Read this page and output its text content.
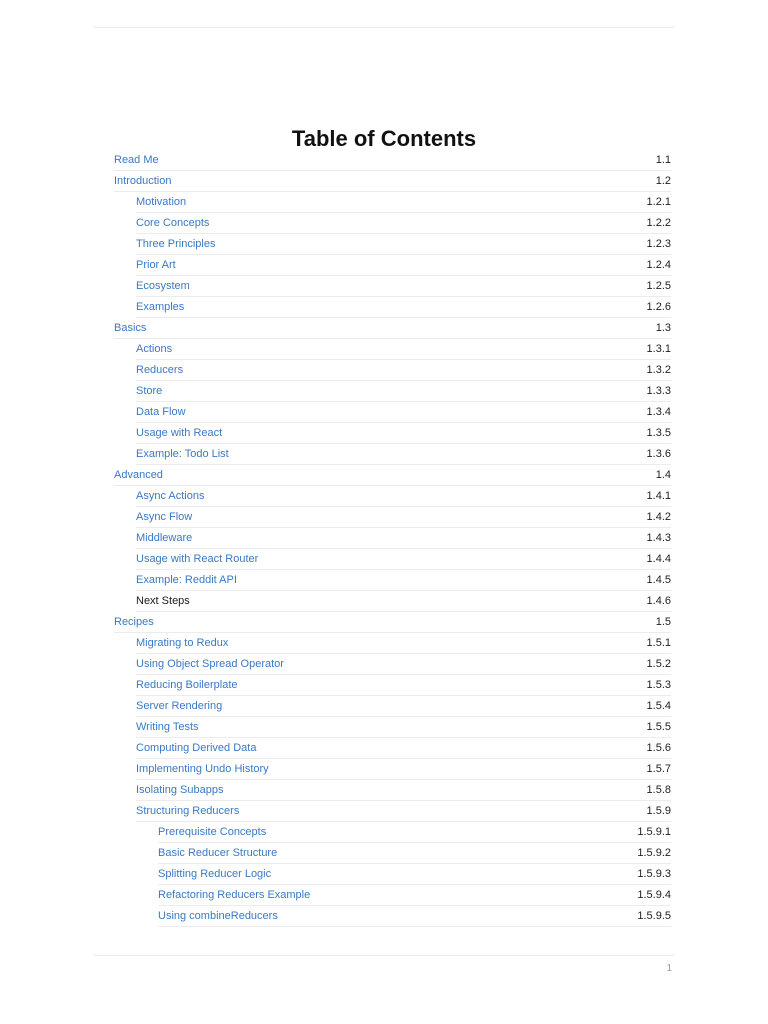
Table of Contents
Read Me	1.1
Introduction	1.2
Motivation	1.2.1
Core Concepts	1.2.2
Three Principles	1.2.3
Prior Art	1.2.4
Ecosystem	1.2.5
Examples	1.2.6
Basics	1.3
Actions	1.3.1
Reducers	1.3.2
Store	1.3.3
Data Flow	1.3.4
Usage with React	1.3.5
Example: Todo List	1.3.6
Advanced	1.4
Async Actions	1.4.1
Async Flow	1.4.2
Middleware	1.4.3
Usage with React Router	1.4.4
Example: Reddit API	1.4.5
Next Steps	1.4.6
Recipes	1.5
Migrating to Redux	1.5.1
Using Object Spread Operator	1.5.2
Reducing Boilerplate	1.5.3
Server Rendering	1.5.4
Writing Tests	1.5.5
Computing Derived Data	1.5.6
Implementing Undo History	1.5.7
Isolating Subapps	1.5.8
Structuring Reducers	1.5.9
Prerequisite Concepts	1.5.9.1
Basic Reducer Structure	1.5.9.2
Splitting Reducer Logic	1.5.9.3
Refactoring Reducers Example	1.5.9.4
Using combineReducers	1.5.9.5
1
